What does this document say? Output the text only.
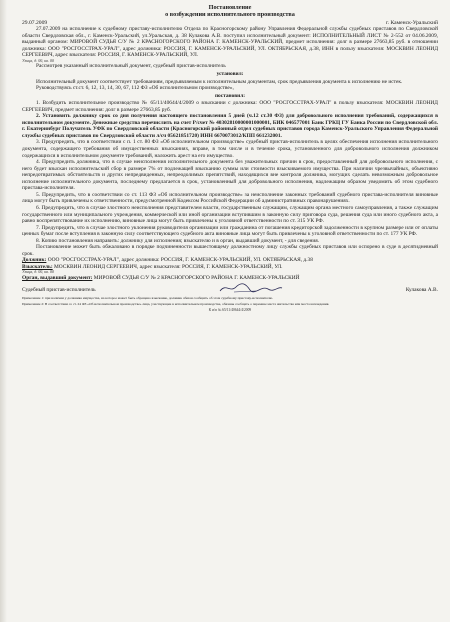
Постановление
о возбуждении исполнительного производства
29.07.2009	г. Каменск-Уральский

27.07.2009 на исполнение к судебному приставу-исполнителю Отдела по Красногорскому району Управления Федеральной службы судебных приставов по Свердловской области Свердловская обл., г. Каменск-Уральский, ул.Уральская, д. 38 Кулакова А.В. поступил исполнительный документ: ИСПОЛНИТЕЛЬНЫЙ ЛИСТ № 2-552 от 04.06.2009, выданный органом: МИРОВОЙ СУДЬЯ С/У № 2 КРАСНОГОРСКОГО РАЙОНА Г. КАМЕНСК-УРАЛЬСКИЙ, предмет исполнения: долг в размере 27663,85 руб. в отношении должника: ООО "РОСГОССТРАХ-УРАЛ", адрес должника: РОССИЯ, Г. КАМЕНСК-УРАЛЬСКИЙ, УЛ. ОКТЯБРЬСКАЯ, д.38, ИНН в пользу взыскателя: МОСКВИН ЛЕОНИД СЕРГЕЕВИЧ, адрес взыскателя: РОССИЯ, Г. КАМЕНСК-УРАЛЬСКИЙ, УЛ.

Улица, д. 00, кв. 00

Рассмотрев указанный исполнительный документ, судебный пристав-исполнитель

установил:

Исполнительный документ соответствует требованиям, предъявляемым к исполнительным документам, срок предъявления документа к исполнению не истек.

Руководствуясь ст.ст. 6, 12, 13, 14, 30, 67, 112 ФЗ «Об исполнительном производстве»,

постановил:

1. Возбудить исполнительное производство № 65/11/40644/4/2009 о взыскании с должника: ООО "РОСГОССТРАХ-УРАЛ" в пользу взыскателя: МОСКВИН ЛЕОНИД СЕРГЕЕВИЧ, предмет исполнения: долг в размере 27663,85 руб.

2. Установить должнику срок со дня получения настоящего постановления 5 дней (ч.12 ст.30 ФЗ) для добровольного исполнения требований, содержащихся в исполнительном документе. Денежные средства перечислить на счет Р/счет № 40302810000001000001, БИК 046577001 Банк ГРКЦ ГУ Банка России по Свердловской обл. г. Екатеринбург Получатель УФК по Свердловской области (Красногорский районный отдел судебных приставов города Каменск-Уральского Управления Федеральной службы судебных приставов по Свердловской области л/сч 05621851720) ИНН 6670073012/КПП 661232001.

3. Предупредить, что в соответствии с п. 1 ст. 80 ФЗ «Об исполнительном производстве» судебный пристав-исполнитель в целях обеспечения исполнения исполнительного документа, содержащего требования об имущественных взысканиях, вправе, в том числе и в течение срока, установленного для добровольного исполнения должником содержащихся в исполнительном документе требований, наложить арест на его имущество.

4. Предупредить должника, что в случае неисполнения исполнительного документа без уважительных причин в срок, предоставленный для добровольного исполнения, с него будет взыскан исполнительский сбор в размере 7% от подлежащей взысканию суммы или стоимости взыскиваемого имущества. При наличии чрезвычайных, объективно непредотвратимых обстоятельств и других непредвиденных, непреодолимых препятствий, находящихся вне контроля должника, могущих сделать невозможным добровольное исполнение исполнительного документа, последнему предлагается в срок, установленный для добровольного исполнения, надлежащим образом уведомить об этом судебного пристава-исполнителя.

5. Предупредить, что в соответствии со ст. 113 ФЗ «Об исполнительном производстве» за неисполнение законных требований судебного пристава-исполнителя виновные лица могут быть привлечены к ответственности, предусмотренной Кодексом Российской Федерации об административных правонарушениях.

6. Предупредить, что в случае злостного неисполнения представителем власти, государственным служащим, служащим органа местного самоуправления, а также служащим государственного или муниципального учреждения, коммерческой или иной организации вступившим в законную силу приговора суда, решения суда или иного судебного акта, а равно воспрепятствование их исполнению, виновные лица могут быть привлечены к уголовной ответственности по ст. 315 УК РФ.

7. Предупредить, что в случае злостного уклонения руководителя организации или гражданина от погашения кредиторской задолженности в крупном размере или от оплаты ценных бумаг после вступления в законную силу соответствующего судебного акта виновные лица могут быть привлечены к уголовной ответственности по ст. 177 УК РФ.

8. Копию постановления направить: должнику для исполнения; взыскателю и в орган, выдавший документ, - для сведения.

Постановление может быть обжаловано в порядке подчиненности вышестоящему должностному лицу службы судебных приставов или оспорено в суде в десятидневный срок.

Должник: ООО "РОСГОССТРАХ-УРАЛ", адрес должника: РОССИЯ, Г. КАМЕНСК-УРАЛЬСКИЙ, УЛ. ОКТЯБРЬСКАЯ, д.38

Взыскатель: МОСКВИН ЛЕОНИД СЕРГЕЕВИЧ, адрес взыскателя: РОССИЯ, Г. КАМЕНСК-УРАЛЬСКИЙ, УЛ.

Улица, д. 00, кв. 00

Орган, выдавший документ: МИРОВОЙ СУДЬЯ С/У № 2 КРАСНОГОРСКОГО РАЙОНА Г. КАМЕНСК-УРАЛЬСКИЙ

Судебный пристав-исполнитель	Кулакова А.В.
Примечание 1: при наличии у должника имущества, на которое может быть обращено взыскание, должник обязан сообщить об этом судебному приставу-исполнителю.
Примечание 2: В соответствии со ст. 24 ФЗ «Об исполнительном производстве» лица, участвующие в исполнительном производстве, обязаны сообщать о перемене места жительства или места нахождения.
К и/п № 65/11/40644/4/2009
